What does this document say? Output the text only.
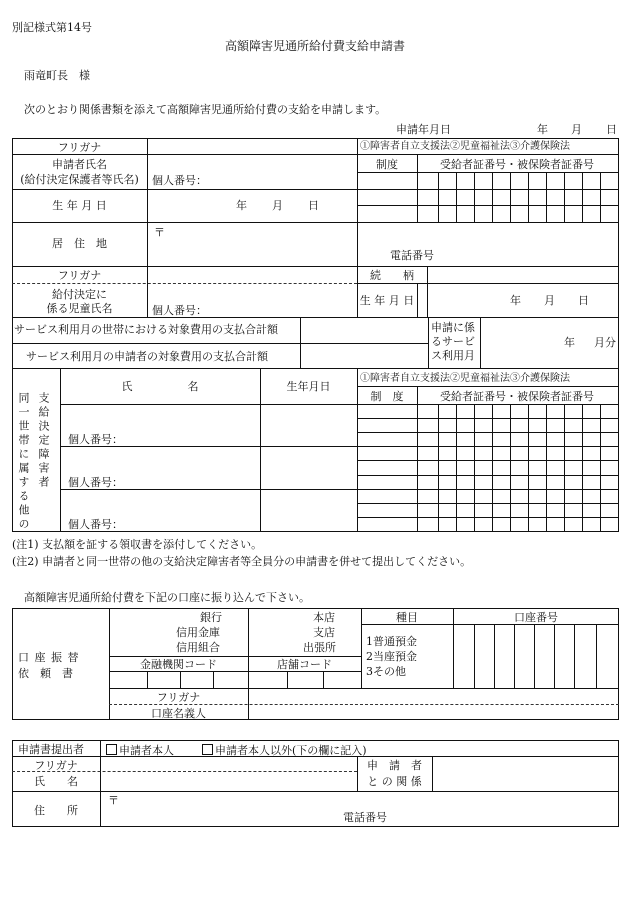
別記様式第14号
高額障害児通所給付費支給申請書
雨竜町長　様
次のとおり関係書類を添えて高額障害児通所給付費の支給を申請します。
申請年月日	年 月 日
フリガナ
申請者氏名
(給付決定保護者等氏名)	個人番号：
生 年 月 日	年 月 日
居　住　地
〒
電話番号
①障害者自立支援法②児童福祉法③介護保険法
制度	受給者証番号・被保険者証番号
フリガナ
給付決定に
係る児童氏名	個人番号：
続　　柄
生 年 月 日	年 月 日
サービス利用月の世帯における対象費用の支払合計額
サービス利用月の申請者の対象費用の支払合計額
申請に係
るサービ
ス利用月
年 月分
同一世帯に属する他の 支給決定障害者
氏　　　　　名	生年月日
①障害者自立支援法②児童福祉法③介護保険法
制　度	受給者証番号・被保険者証番号
個人番号：
個人番号：
個人番号：
(注1) 支払額を証する領収書を添付してください。
(注2) 申請者と同一世帯の他の支給決定障害者等全員分の申請書を併せて提出してください。
高額障害児通所給付費を下記の口座に振り込んで下さい。
口 座 振 替
依　頼　書
銀行
信用金庫
信用組合
本店
支店
出張所
金融機関コード	店舗コード
種目
1普通預金
2当座預金
3その他
口座番号
フリガナ
口座名義人
申請書提出者	申請者本人	申請者本人以外(下の欄に記入)
フリガナ
氏　　名
申　請　者
と の 関 係
住　　所
〒
電話番号
